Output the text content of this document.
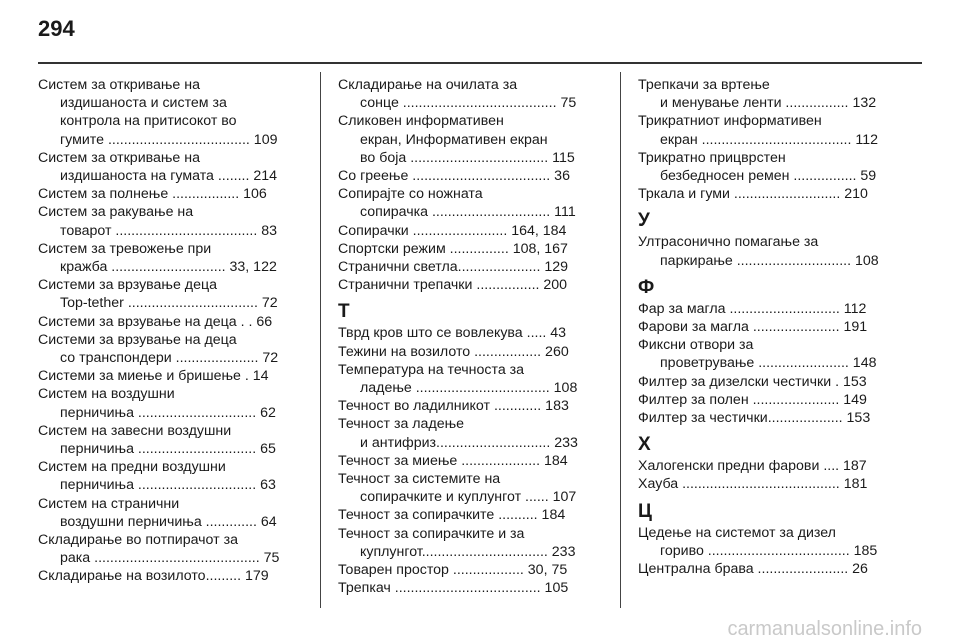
294
Систем за откривање на
издишаноста и систем за
контрола на притисокот во
гумите .................................... 109
Систем за откривање на
издишаноста на гумата ........ 214
Систем за полнење ................. 106
Систем за ракување на
товарот .................................... 83
Систем за тревожење при
кражба ............................. 33, 122
Системи за врзување деца
Top-tether ................................. 72
Системи за врзување на деца . . 66
Системи за врзување на деца
со транспондери ..................... 72
Системи за миење и бришење . 14
Систем на воздушни
перничиња .............................. 62
Систем на завесни воздушни
перничиња .............................. 65
Систем на предни воздушни
перничиња .............................. 63
Систем на странични
воздушни перничиња ............. 64
Складирање во потпирачот за
рака .......................................... 75
Складирање на возилото......... 179
Складирање на очилата за
сонце ....................................... 75
Сликовен информативен
екран, Информативен екран
во боја ................................... 115
Со греење ................................... 36
Сопирајте со ножната
сопирачка .............................. 111
Сопирачки ........................ 164, 184
Спортски режим ............... 108, 167
Странични светла..................... 129
Странични трепачки ................ 200
Т
Тврд кров што се вовлекува ..... 43
Тежини на возилото ................. 260
Температура на течноста за
ладење .................................. 108
Течност во ладилникот ............ 183
Течност за ладење
и антифриз............................. 233
Течност за миење .................... 184
Течност за системите на
сопирачките и куплунгот ...... 107
Течност за сопирачките .......... 184
Течност за сопирачките и за
куплунгот................................ 233
Товарен простор .................. 30, 75
Трепкач ..................................... 105
Трепкачи за вртење
и менување ленти ................ 132
Трикратниот информативен
екран ...................................... 112
Трикратно прицврстен
безбедносен ремен ................ 59
Тркала и гуми ........................... 210
У
Ултрасонично помагање за
паркирање ............................. 108
Ф
Фар за магла ............................ 112
Фарови за магла ...................... 191
Фиксни отвори за
проветрување ....................... 148
Филтер за дизелски честички . 153
Филтер за полен ...................... 149
Филтер за честички................... 153
Х
Халогенски предни фарови .... 187
Хауба ........................................ 181
Ц
Цедење на системот за дизел
гориво .................................... 185
Централна брава ....................... 26
carmanualsonline.info
